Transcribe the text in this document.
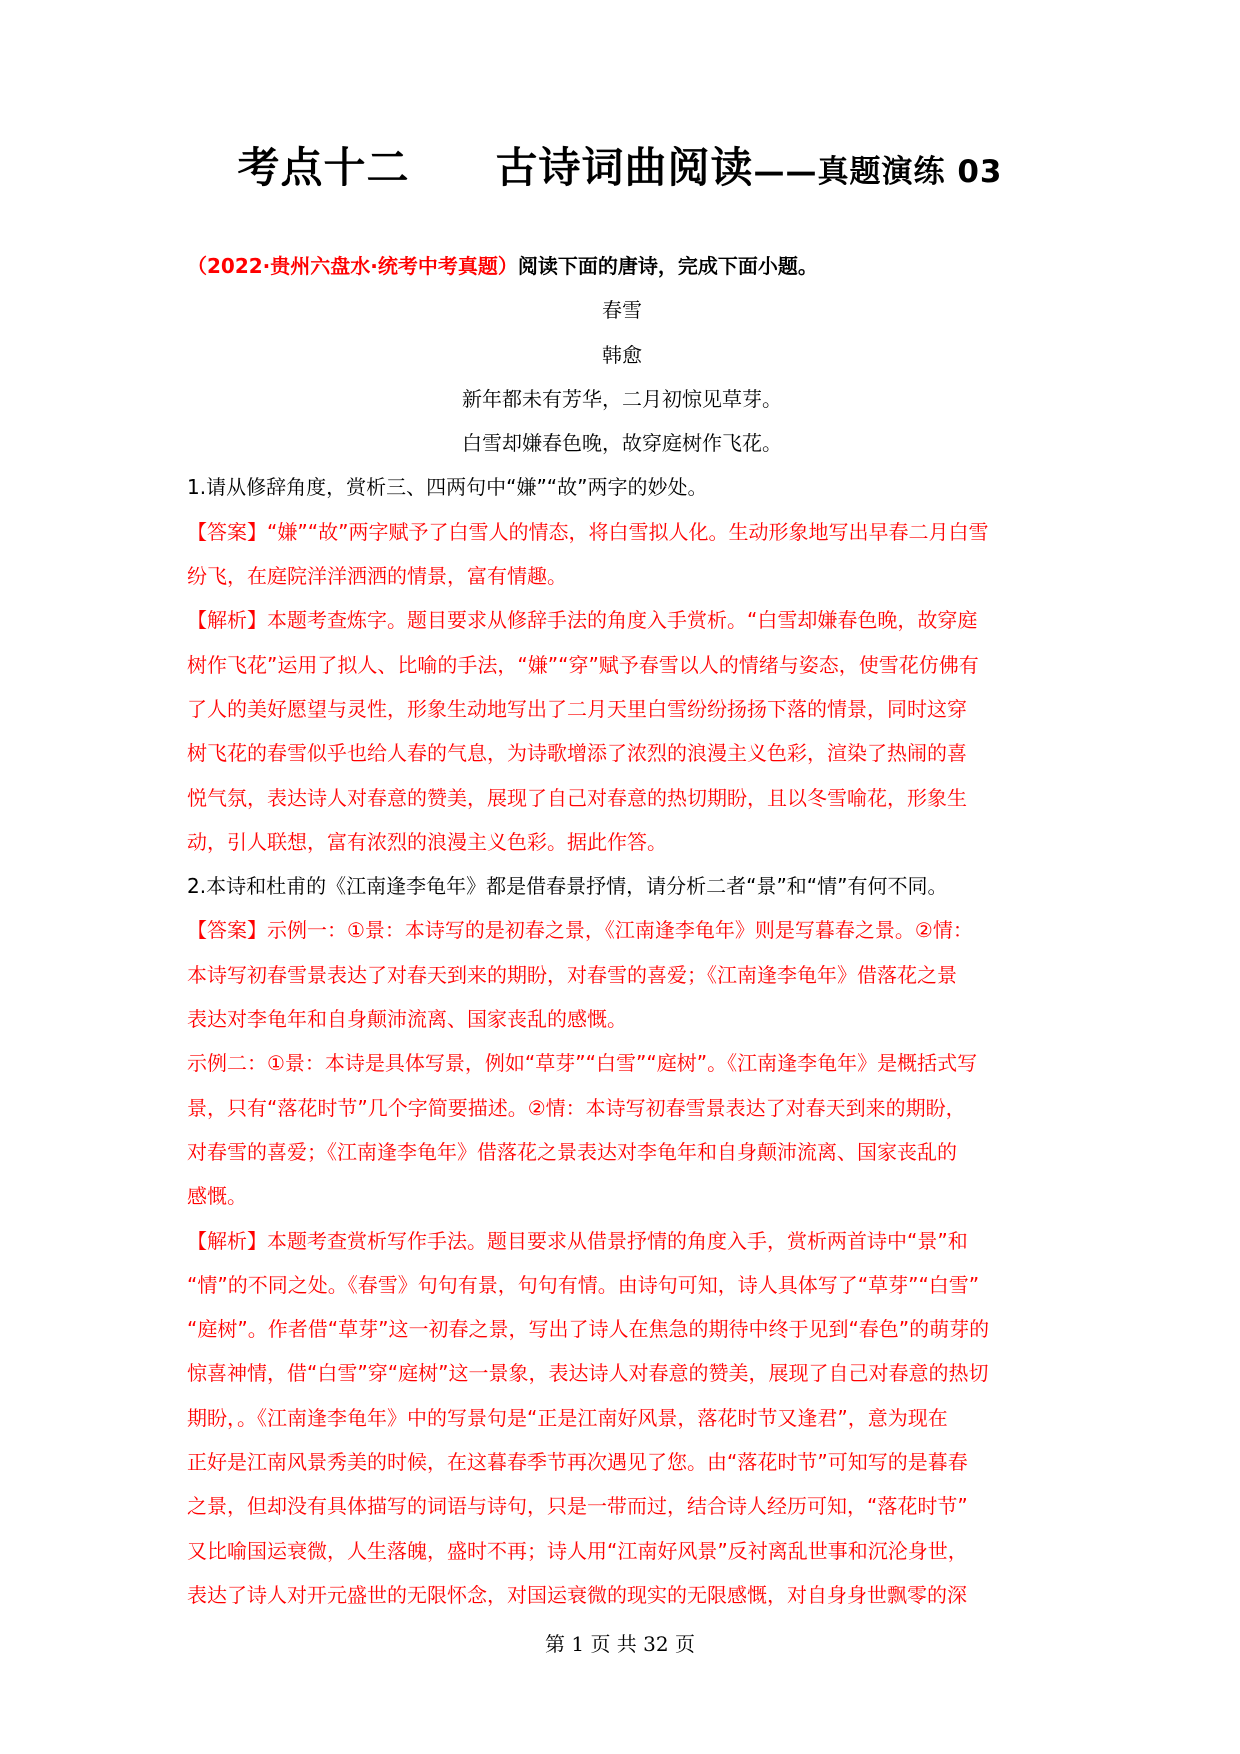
考点十二　　古诗词曲阅读——真题演练 03
（2022·贵州六盘水·统考中考真题）阅读下面的唐诗，完成下面小题。
春雪
韩愈
新年都未有芳华，二月初惊见草芽。
白雪却嫌春色晚，故穿庭树作飞花。
1.请从修辞角度，赏析三、四两句中“嫌”“故”两字的妙处。
【答案】“嫌”“故”两字赋予了白雪人的情态，将白雪拟人化。生动形象地写出早春二月白雪
纷飞，在庭院洋洋洒洒的情景，富有情趣。
【解析】本题考查炼字。题目要求从修辞手法的角度入手赏析。“白雪却嫌春色晚，故穿庭
树作飞花”运用了拟人、比喻的手法，“嫌”“穿”赋予春雪以人的情绪与姿态，使雪花仿佛有
了人的美好愿望与灵性，形象生动地写出了二月天里白雪纷纷扬扬下落的情景，同时这穿
树飞花的春雪似乎也给人春的气息，为诗歌增添了浓烈的浪漫主义色彩，渲染了热闹的喜
悦气氛，表达诗人对春意的赞美，展现了自己对春意的热切期盼，且以冬雪喻花，形象生
动，引人联想，富有浓烈的浪漫主义色彩。据此作答。
2.本诗和杜甫的《江南逢李龟年》都是借春景抒情，请分析二者“景”和“情”有何不同。
【答案】示例一：①景：本诗写的是初春之景，《江南逢李龟年》则是写暮春之景。②情：
本诗写初春雪景表达了对春天到来的期盼，对春雪的喜爱；《江南逢李龟年》借落花之景
表达对李龟年和自身颠沛流离、国家丧乱的感慨。
示例二：①景：本诗是具体写景，例如“草芽”“白雪”“庭树”。《江南逢李龟年》是概括式写
景，只有“落花时节”几个字简要描述。②情：本诗写初春雪景表达了对春天到来的期盼，
对春雪的喜爱；《江南逢李龟年》借落花之景表达对李龟年和自身颠沛流离、国家丧乱的
感慨。
【解析】本题考查赏析写作手法。题目要求从借景抒情的角度入手，赏析两首诗中“景”和
“情”的不同之处。《春雪》句句有景，句句有情。由诗句可知，诗人具体写了“草芽”“白雪”
“庭树”。作者借“草芽”这一初春之景，写出了诗人在焦急的期待中终于见到“春色”的萌芽的
惊喜神情，借“白雪”穿“庭树”这一景象，表达诗人对春意的赞美，展现了自己对春意的热切
期盼，。《江南逢李龟年》中的写景句是“正是江南好风景，落花时节又逢君”，意为现在
正好是江南风景秀美的时候，在这暮春季节再次遇见了您。由“落花时节”可知写的是暮春
之景，但却没有具体描写的词语与诗句，只是一带而过，结合诗人经历可知，“落花时节”
又比喻国运衰微，人生落魄，盛时不再；诗人用“江南好风景”反衬离乱世事和沉沦身世，
表达了诗人对开元盛世的无限怀念，对国运衰微的现实的无限感慨，对自身身世飘零的深
第 1 页 共 32 页
